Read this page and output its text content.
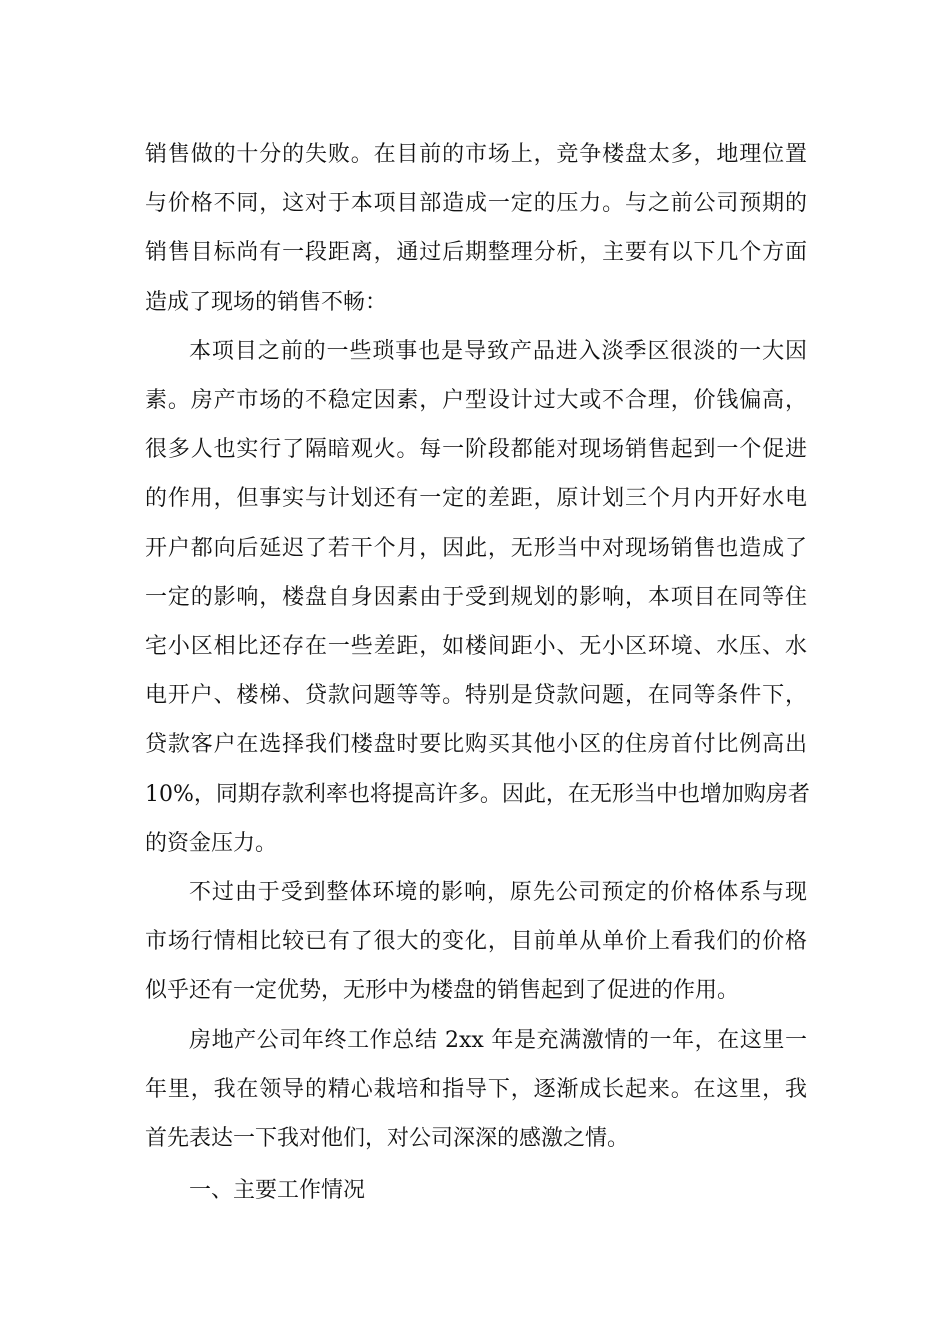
销售做的十分的失败。在目前的市场上，竞争楼盘太多，地理位置
与价格不同，这对于本项目部造成一定的压力。与之前公司预期的
销售目标尚有一段距离，通过后期整理分析，主要有以下几个方面
造成了现场的销售不畅：

本项目之前的一些琐事也是导致产品进入淡季区很淡的一大因
素。房产市场的不稳定因素，户型设计过大或不合理，价钱偏高，
很多人也实行了隔暗观火。每一阶段都能对现场销售起到一个促进
的作用，但事实与计划还有一定的差距，原计划三个月内开好水电
开户都向后延迟了若干个月，因此，无形当中对现场销售也造成了
一定的影响，楼盘自身因素由于受到规划的影响，本项目在同等住
宅小区相比还存在一些差距，如楼间距小、无小区环境、水压、水
电开户、楼梯、贷款问题等等。特别是贷款问题，在同等条件下，
贷款客户在选择我们楼盘时要比购买其他小区的住房首付比例高出
10%，同期存款利率也将提高许多。因此，在无形当中也增加购房者
的资金压力。

不过由于受到整体环境的影响，原先公司预定的价格体系与现
市场行情相比较已有了很大的变化，目前单从单价上看我们的价格
似乎还有一定优势，无形中为楼盘的销售起到了促进的作用。

房地产公司年终工作总结 2xx 年是充满激情的一年，在这里一
年里，我在领导的精心栽培和指导下，逐渐成长起来。在这里，我
首先表达一下我对他们，对公司深深的感激之情。

一、主要工作情况
